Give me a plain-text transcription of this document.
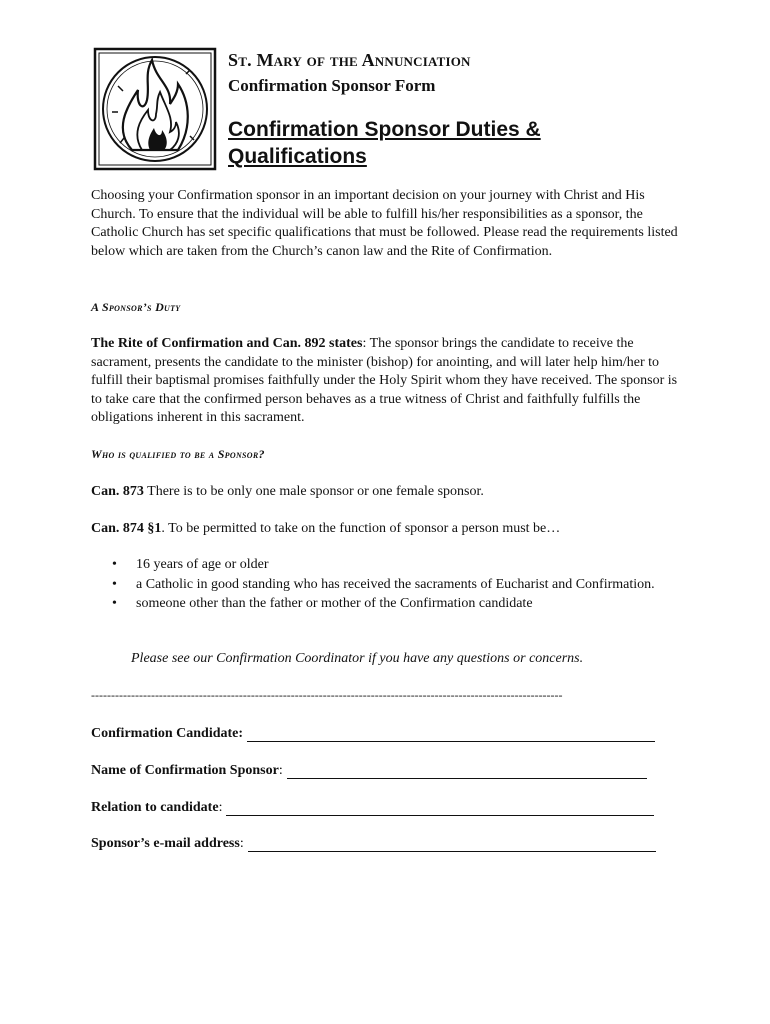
St. Mary of the Annunciation
Confirmation Sponsor Form
Confirmation Sponsor Duties &
Qualifications

Choosing your Confirmation sponsor in an important decision on your journey with Christ and His Church. To ensure that the individual will be able to fulfill his/her responsibilities as a sponsor, the Catholic Church has set specific qualifications that must be followed. Please read the requirements listed below which are taken from the Church’s canon law and the Rite of Confirmation.

A Sponsor’s Duty

The Rite of Confirmation and Can. 892 states: The sponsor brings the candidate to receive the sacrament, presents the candidate to the minister (bishop) for anointing, and will later help him/her to fulfill their baptismal promises faithfully under the Holy Spirit whom they have received. The sponsor is to take care that the confirmed person behaves as a true witness of Christ and faithfully fulfills the obligations inherent in this sacrament.

Who is qualified to be a Sponsor?
Can. 873 There is to be only one male sponsor or one female sponsor.
Can. 874 §1. To be permitted to take on the function of sponsor a person must be…
• 16 years of age or older
• a Catholic in good standing who has received the sacraments of Eucharist and Confirmation.
• someone other than the father or mother of the Confirmation candidate
Please see our Confirmation Coordinator if you have any questions or concerns.
----------------------------------------------------------------------------------------------------------------------
Confirmation Candidate:
Name of Confirmation Sponsor :
Relation to candidate :
Sponsor’s e-mail address :
